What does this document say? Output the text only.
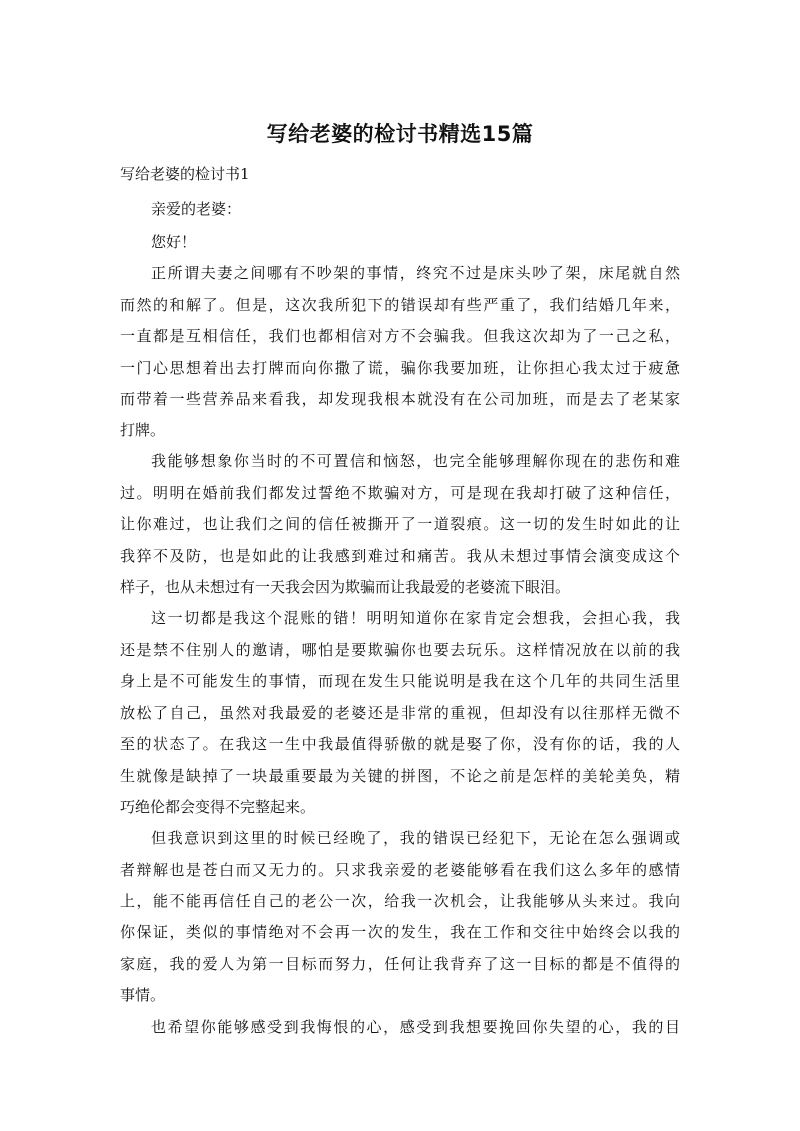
写给老婆的检讨书精选15篇
写给老婆的检讨书1
亲爱的老婆：
您好！
正所谓夫妻之间哪有不吵架的事情，终究不过是床头吵了架，床尾就自然
而然的和解了。但是，这次我所犯下的错误却有些严重了，我们结婚几年来，
一直都是互相信任，我们也都相信对方不会骗我。但我这次却为了一己之私，
一门心思想着出去打牌而向你撒了谎，骗你我要加班，让你担心我太过于疲惫
而带着一些营养品来看我，却发现我根本就没有在公司加班，而是去了老某家
打牌。
我能够想象你当时的不可置信和恼怒，也完全能够理解你现在的悲伤和难
过。明明在婚前我们都发过誓绝不欺骗对方，可是现在我却打破了这种信任，
让你难过，也让我们之间的信任被撕开了一道裂痕。这一切的发生时如此的让
我猝不及防，也是如此的让我感到难过和痛苦。我从未想过事情会演变成这个
样子，也从未想过有一天我会因为欺骗而让我最爱的老婆流下眼泪。
这一切都是我这个混账的错！明明知道你在家肯定会想我，会担心我，我
还是禁不住别人的邀请，哪怕是要欺骗你也要去玩乐。这样情况放在以前的我
身上是不可能发生的事情，而现在发生只能说明是我在这个几年的共同生活里
放松了自己，虽然对我最爱的老婆还是非常的重视，但却没有以往那样无微不
至的状态了。在我这一生中我最值得骄傲的就是娶了你，没有你的话，我的人
生就像是缺掉了一块最重要最为关键的拼图，不论之前是怎样的美轮美奂，精
巧绝伦都会变得不完整起来。
但我意识到这里的时候已经晚了，我的错误已经犯下，无论在怎么强调或
者辩解也是苍白而又无力的。只求我亲爱的老婆能够看在我们这么多年的感情
上，能不能再信任自己的老公一次，给我一次机会，让我能够从头来过。我向
你保证，类似的事情绝对不会再一次的发生，我在工作和交往中始终会以我的
家庭，我的爱人为第一目标而努力，任何让我背弃了这一目标的都是不值得的
事情。
也希望你能够感受到我悔恨的心，感受到我想要挽回你失望的心，我的目
